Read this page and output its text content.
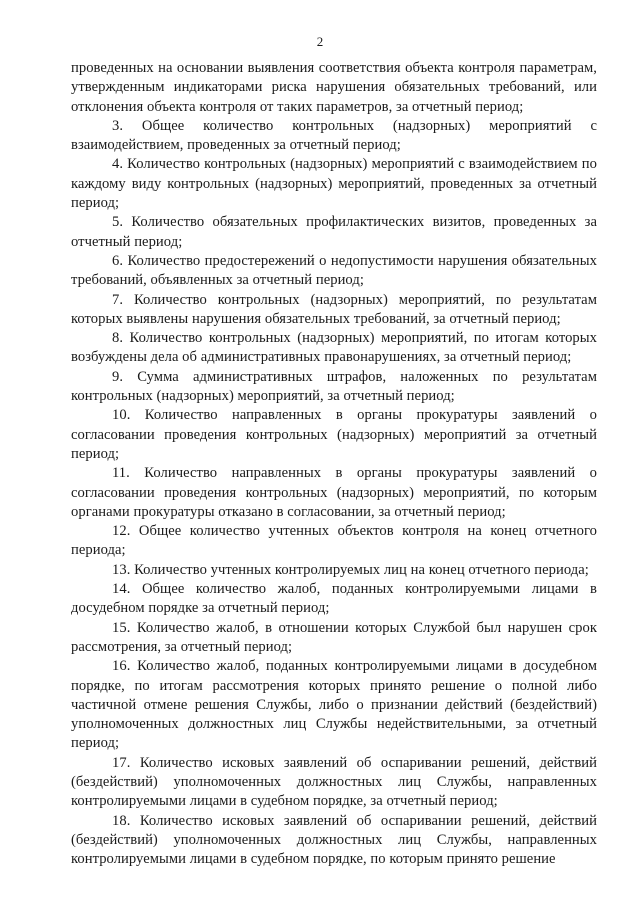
2

проведенных на основании выявления соответствия объекта контроля параметрам, утвержденным индикаторами риска нарушения обязательных требований, или отклонения объекта контроля от таких параметров, за отчетный период;

3. Общее количество контрольных (надзорных) мероприятий с взаимодействием, проведенных за отчетный период;

4. Количество контрольных (надзорных) мероприятий с взаимодействием по каждому виду контрольных (надзорных) мероприятий, проведенных за отчетный период;

5. Количество обязательных профилактических визитов, проведенных за отчетный период;

6. Количество предостережений о недопустимости нарушения обязательных требований, объявленных за отчетный период;

7. Количество контрольных (надзорных) мероприятий, по результатам которых выявлены нарушения обязательных требований, за отчетный период;

8. Количество контрольных (надзорных) мероприятий, по итогам которых возбуждены дела об административных правонарушениях, за отчетный период;

9. Сумма административных штрафов, наложенных по результатам контрольных (надзорных) мероприятий, за отчетный период;

10. Количество направленных в органы прокуратуры заявлений о согласовании проведения контрольных (надзорных) мероприятий за отчетный период;

11. Количество направленных в органы прокуратуры заявлений о согласовании проведения контрольных (надзорных) мероприятий, по которым органами прокуратуры отказано в согласовании, за отчетный период;

12. Общее количество учтенных объектов контроля на конец отчетного периода;

13. Количество учтенных контролируемых лиц на конец отчетного периода;

14. Общее количество жалоб, поданных контролируемыми лицами в досудебном порядке за отчетный период;

15. Количество жалоб, в отношении которых Службой был нарушен срок рассмотрения, за отчетный период;

16. Количество жалоб, поданных контролируемыми лицами в досудебном порядке, по итогам рассмотрения которых принято решение о полной либо частичной отмене решения Службы, либо о признании действий (бездействий) уполномоченных должностных лиц Службы недействительными, за отчетный период;

17. Количество исковых заявлений об оспаривании решений, действий (бездействий) уполномоченных должностных лиц Службы, направленных контролируемыми лицами в судебном порядке, за отчетный период;

18. Количество исковых заявлений об оспаривании решений, действий (бездействий) уполномоченных должностных лиц Службы, направленных контролируемыми лицами в судебном порядке, по которым принято решение
